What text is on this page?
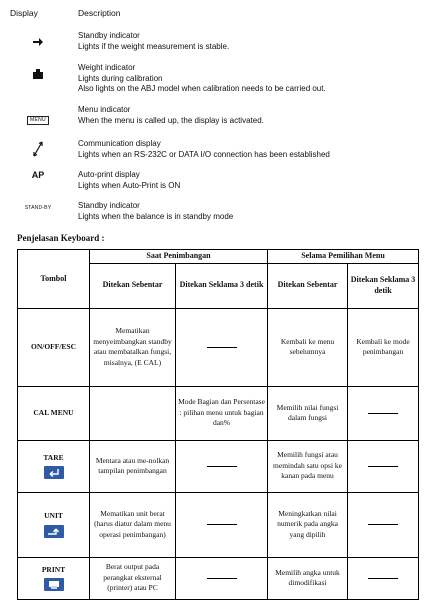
Display	Description
Standby indicator
Lights if the weight measurement is stable.
Weight indicator
Lights during calibration
Also lights on the ABJ model when calibration needs to be carried out.
MENU
Menu indicator
When the menu is called up, the display is activated.
Communication display
Lights when an RS-232C or DATA I/O connection has been established
AP	Auto-print display
Lights when Auto-Print is ON
STAND-BY	Standby indicator
Lights when the balance is in standby mode
Penjelasan Keyboard :
Tombol	Saat Penimbangan		Selama Pemilihan Menu	
	Ditekan Sebentar	Ditekan Seklama 3 detik	Ditekan Sebentar	Ditekan Seklama 3 detik
ON/OFF/ESC	Mematikan menyeimbangkan standby atau membatalkan fungsi, misalnya, (E CAL)		Kembali ke menu sebelumnya	Kembali ke mode penimbangan
CAL MENU		Mode Bagian dan Persentase : pilihan menu untuk bagian dan%	Memilih nilai fungsi dalam fungsi	
TARE	Mentara atau me-nolkan tampilan penimbangan		Memilih fungsi atau memindah satu opsi ke kanan pada menu	
UNIT	Mematikan unit berat (harus diatur dalam menu operasi penimbangan)		Meningkatkan nilai numerik pada angka yang dipilih	
PRINT	Berat output pada perangkat eksternal (printer) atau PC		Memilih angka untuk dimodifikasi	
